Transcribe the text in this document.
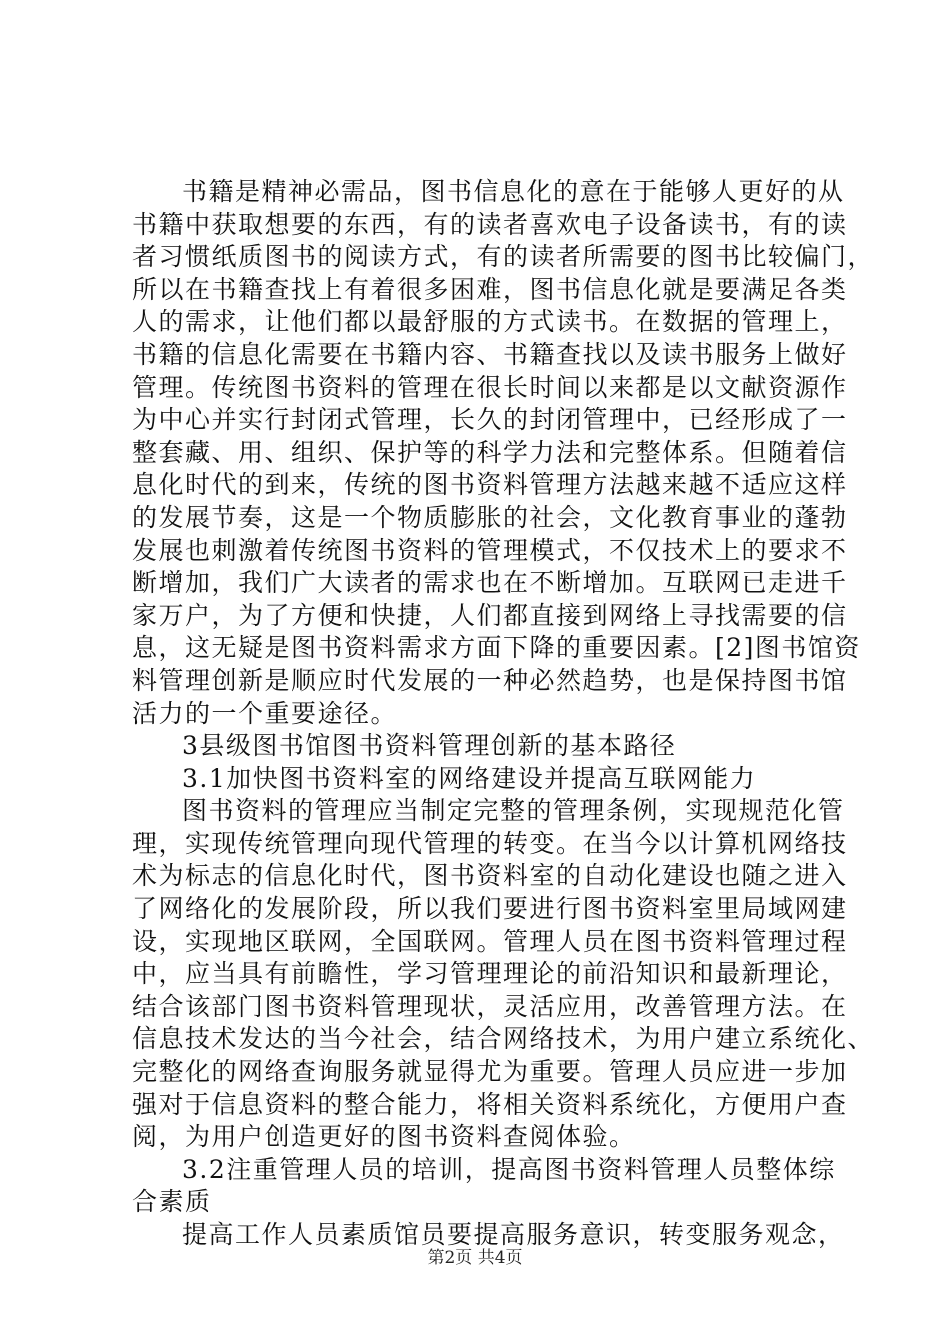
书籍是精神必需品，图书信息化的意在于能够人更好的从
书籍中获取想要的东西，有的读者喜欢电子设备读书，有的读
者习惯纸质图书的阅读方式，有的读者所需要的图书比较偏门，
所以在书籍查找上有着很多困难，图书信息化就是要满足各类
人的需求，让他们都以最舒服的方式读书。在数据的管理上，
书籍的信息化需要在书籍内容、书籍查找以及读书服务上做好
管理。传统图书资料的管理在很长时间以来都是以文献资源作
为中心并实行封闭式管理，长久的封闭管理中，已经形成了一
整套藏、用、组织、保护等的科学力法和完整体系。但随着信
息化时代的到来，传统的图书资料管理方法越来越不适应这样
的发展节奏，这是一个物质膨胀的社会，文化教育事业的蓬勃
发展也刺激着传统图书资料的管理模式，不仅技术上的要求不
断增加，我们广大读者的需求也在不断增加。互联网已走进千
家万户，为了方便和快捷，人们都直接到网络上寻找需要的信
息，这无疑是图书资料需求方面下降的重要因素。[2]图书馆资
料管理创新是顺应时代发展的一种必然趋势，也是保持图书馆
活力的一个重要途径。
3县级图书馆图书资料管理创新的基本路径
3.1加快图书资料室的网络建设并提高互联网能力
图书资料的管理应当制定完整的管理条例，实现规范化管
理，实现传统管理向现代管理的转变。在当今以计算机网络技
术为标志的信息化时代，图书资料室的自动化建设也随之进入
了网络化的发展阶段，所以我们要进行图书资料室里局域网建
设，实现地区联网，全国联网。管理人员在图书资料管理过程
中，应当具有前瞻性，学习管理理论的前沿知识和最新理论，
结合该部门图书资料管理现状，灵活应用，改善管理方法。在
信息技术发达的当今社会，结合网络技术，为用户建立系统化、
完整化的网络查询服务就显得尤为重要。管理人员应进一步加
强对于信息资料的整合能力，将相关资料系统化，方便用户查
阅，为用户创造更好的图书资料查阅体验。
3.2注重管理人员的培训，提高图书资料管理人员整体综
合素质
提高工作人员素质馆员要提高服务意识，转变服务观念，
第2页 共4页
